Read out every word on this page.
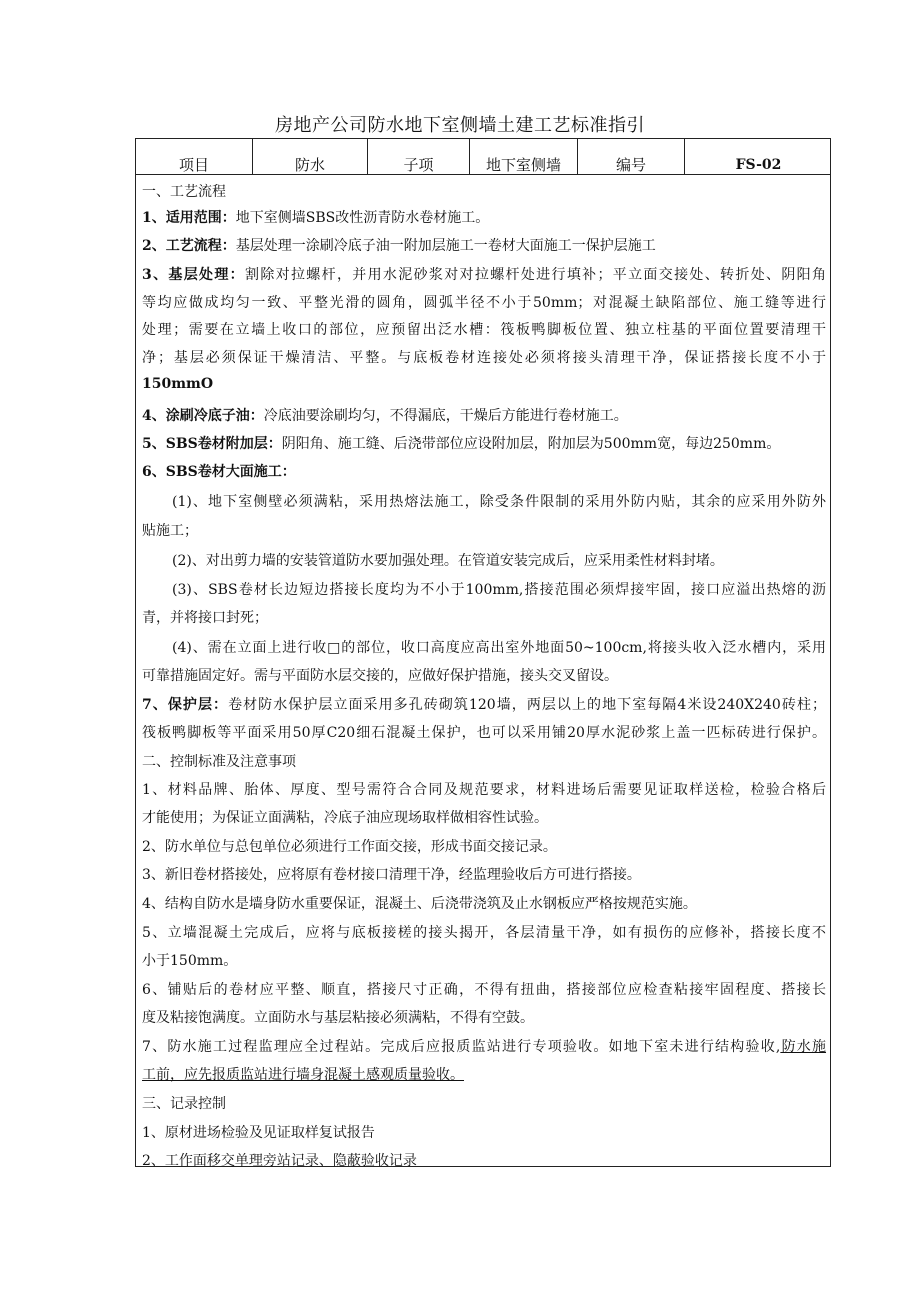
房地产公司防水地下室侧墙土建工艺标准指引
项目	防水	子项	地下室侧墙	编号	FS-02
一、工艺流程
1、适用范围：地下室侧墙SBS改性沥青防水卷材施工。
2、工艺流程：基层处理一涂刷冷底子油一附加层施工一卷材大面施工一保护层施工
3、基层处理：割除对拉螺杆，并用水泥砂浆对对拉螺杆处进行填补；平立面交接处、转折处、阴阳角
等均应做成均匀一致、平整光滑的圆角，圆弧半径不小于50mm；对混凝土缺陷部位、施工缝等进行
处理；需要在立墙上收口的部位，应预留出泛水槽：筏板鸭脚板位置、独立柱基的平面位置要清理干
净；基层必须保证干燥清洁、平整。与底板卷材连接处必须将接头清理干净，保证搭接长度不小于
150mmO
4、涂刷冷底子油：冷底油要涂刷均匀，不得漏底，干燥后方能进行卷材施工。
5、SBS卷材附加层：阴阳角、施工缝、后浇带部位应设附加层，附加层为500mm宽，每边250mm。
6、SBS卷材大面施工：
(1)、地下室侧壁必须满粘，采用热熔法施工，除受条件限制的采用外防内贴，其余的应采用外防外
贴施工；
(2)、对出剪力墙的安装管道防水要加强处理。在管道安装完成后，应采用柔性材料封堵。
(3)、SBS卷材长边短边搭接长度均为不小于100mm,搭接范围必须焊接牢固，接口应溢出热熔的沥
青，并将接口封死；
(4)、需在立面上进行收□的部位，收口高度应高出室外地面50~100cm,将接头收入泛水槽内，采用
可靠措施固定好。需与平面防水层交接的，应做好保护措施，接头交叉留设。
7、保护层：卷材防水保护层立面采用多孔砖砌筑120墙，两层以上的地下室每隔4米设240X240砖柱；
筏板鸭脚板等平面采用50厚C20细石混凝土保护，也可以采用铺20厚水泥砂浆上盖一匹标砖进行保护。
二、控制标准及注意事项
1、材料品牌、胎体、厚度、型号需符合合同及规范要求，材料进场后需要见证取样送检，检验合格后
才能使用；为保证立面满粘，冷底子油应现场取样做相容性试验。
2、防水单位与总包单位必须进行工作面交接，形成书面交接记录。
3、新旧卷材搭接处，应将原有卷材接口清理干净，经监理验收后方可进行搭接。
4、结构自防水是墙身防水重要保证，混凝土、后浇带浇筑及止水钢板应严格按规范实施。
5、立墙混凝土完成后，应将与底板接槎的接头揭开，各层清量干净，如有损伤的应修补，搭接长度不
小于150mm。
6、铺贴后的卷材应平整、顺直，搭接尺寸正确，不得有扭曲，搭接部位应检查粘接牢固程度、搭接长
度及粘接饱满度。立面防水与基层粘接必须满粘，不得有空鼓。
7、防水施工过程监理应全过程站。完成后应报质监站进行专项验收。如地下室未进行结构验收,防水施
工前，应先报质监站进行墙身混凝土感观质量验收。
三、记录控制
1、原材进场检验及见证取样复试报告
2、工作面移交单理旁站记录、隐蔽验收记录
